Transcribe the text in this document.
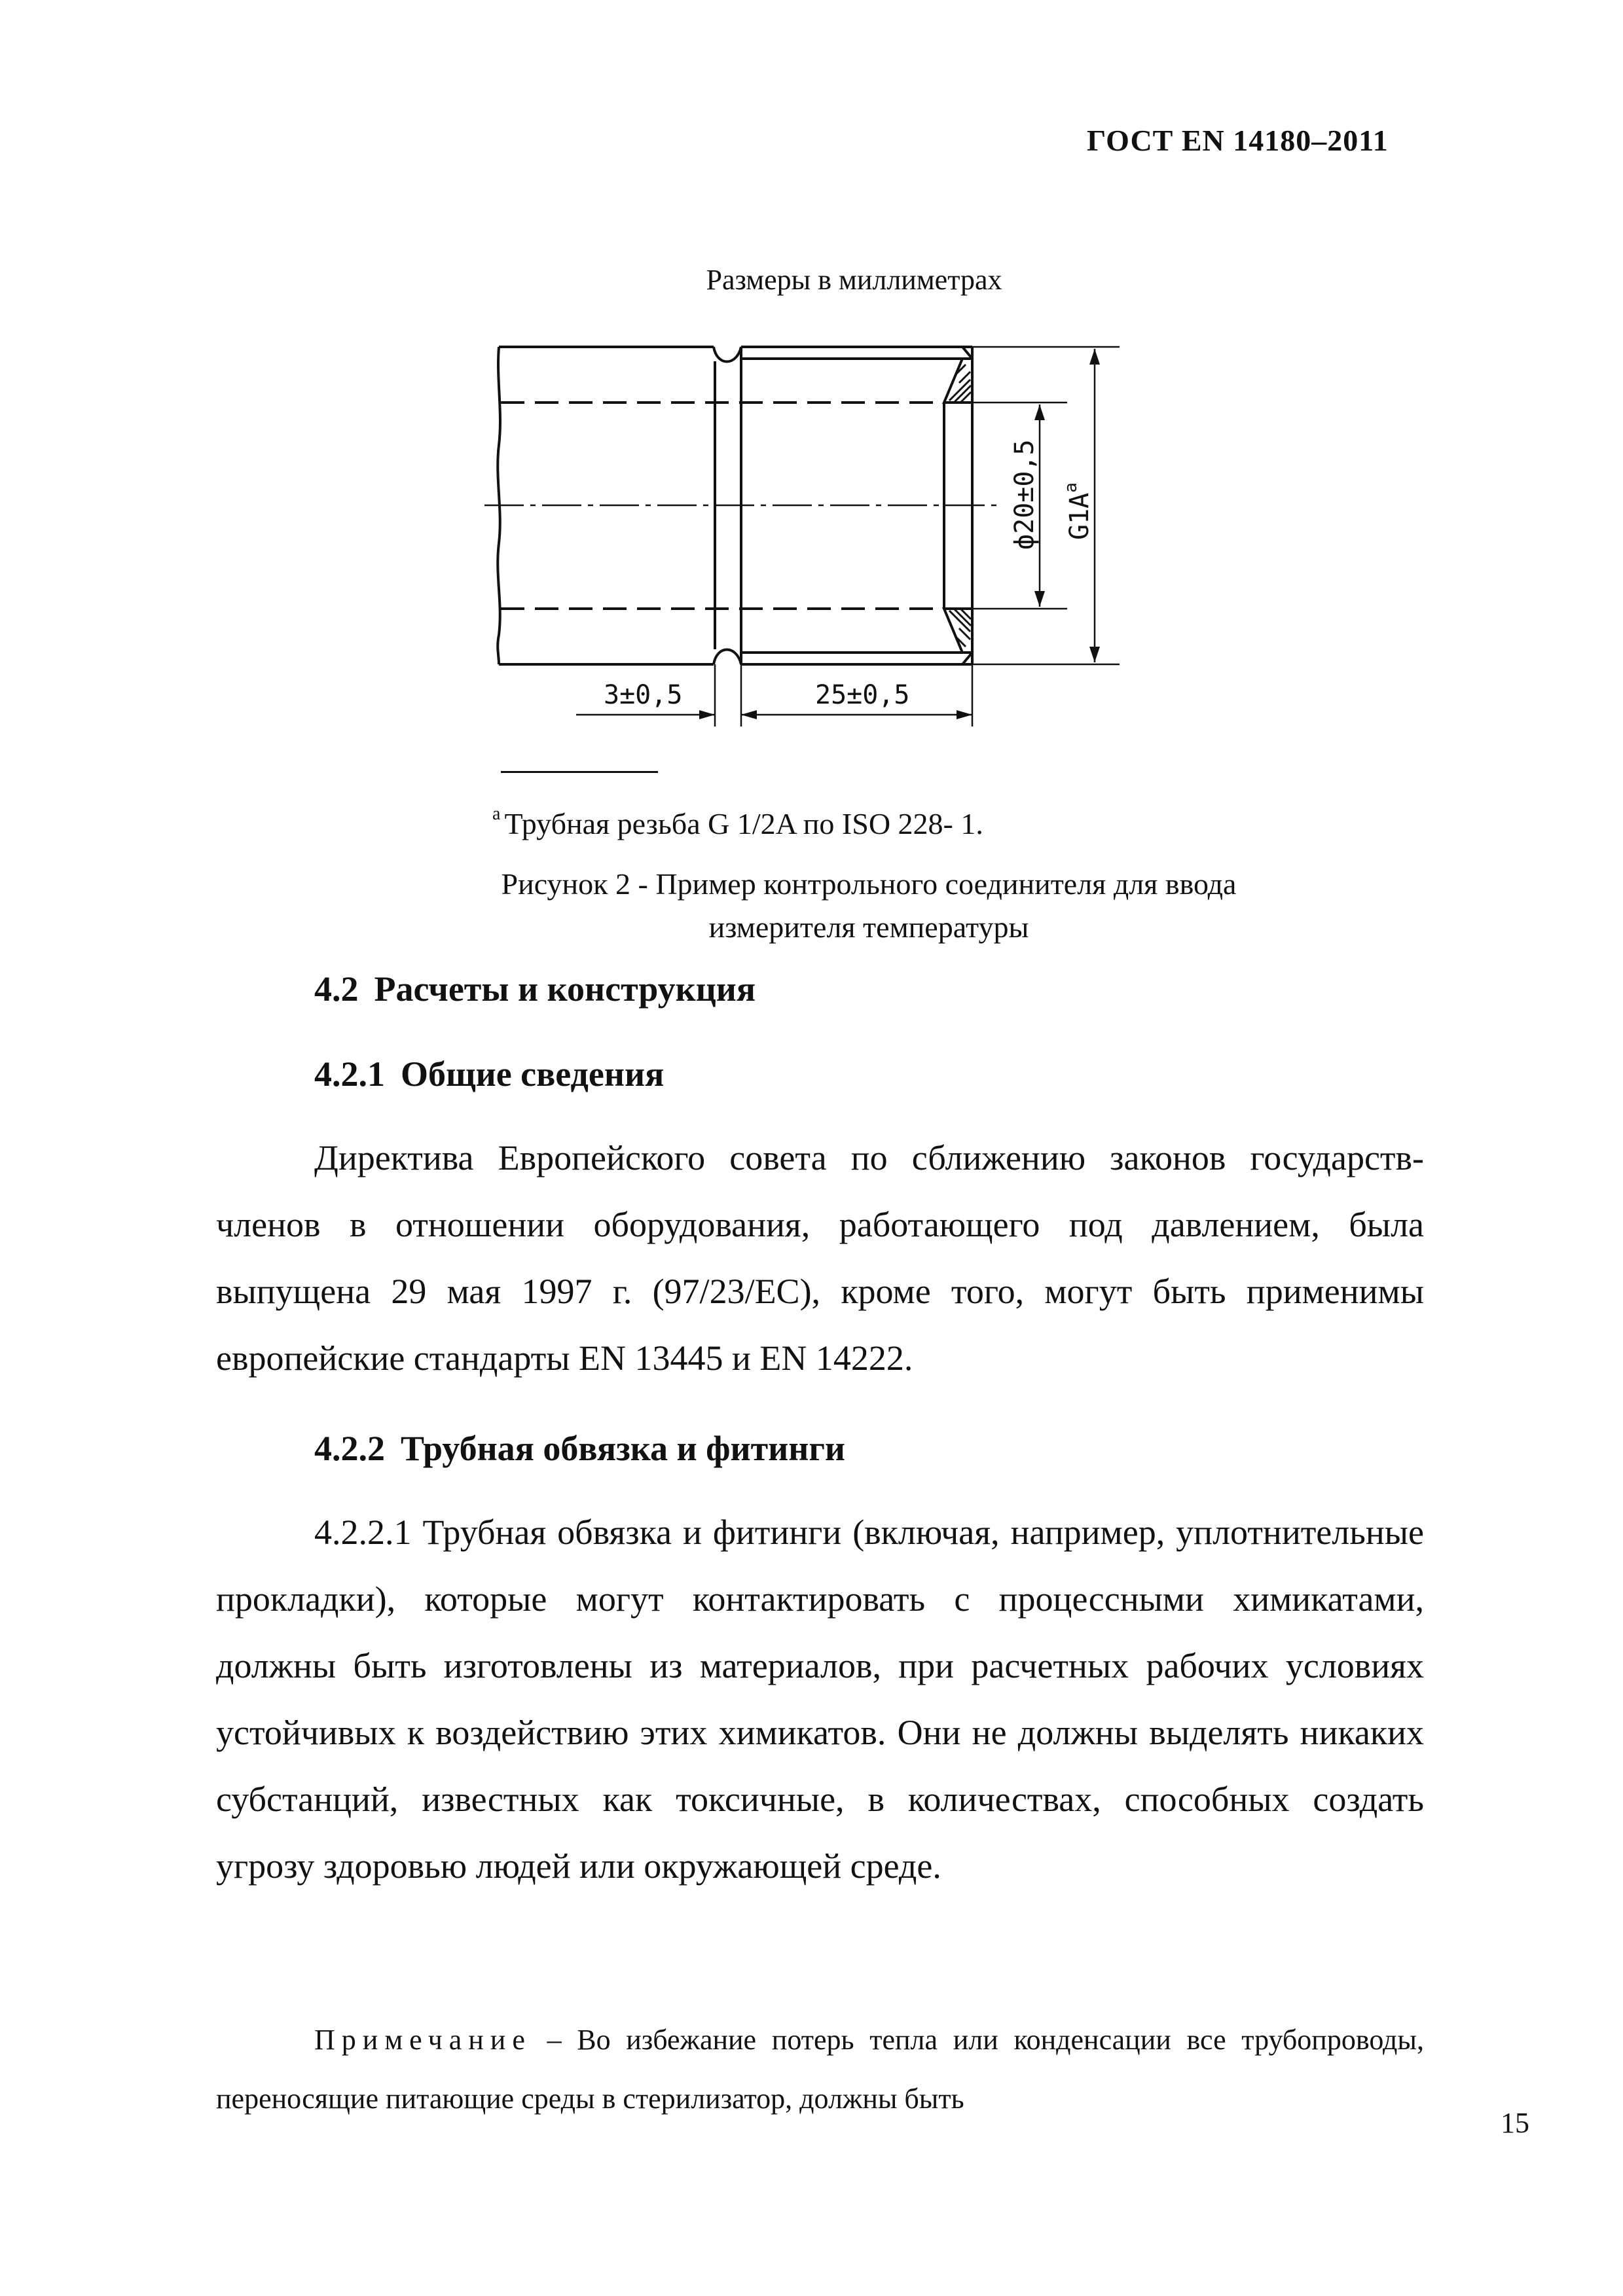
ГОСТ EN 14180–2011
Размеры в миллиметрах
ф20±0,5 $G1A^a$
3±0,5	25±0,5
$^a$ Трубная резьба G 1/2A по ISO 228- 1.
Рисунок 2 - Пример контрольного соединителя для ввода
измерителя температуры
4.2 Расчеты и конструкция
4.2.1 Общие сведения
Директива Европейского совета по сближению законов государств-членов в отношении оборудования, работающего под давлением, была выпущена 29 мая 1997 г. (97/23/ЕС), кроме того, могут быть применимы европейские стандарты EN 13445 и EN 14222.
4.2.2 Трубная обвязка и фитинги
4.2.2.1 Трубная обвязка и фитинги (включая, например, уплотнительные прокладки), которые могут контактировать с процессными химикатами, должны быть изготовлены из материалов, при расчетных рабочих условиях устойчивых к воздействию этих химикатов. Они не должны выделять никаких субстанций, известных как токсичные, в количествах, способных создать угрозу здоровью людей или окружающей среде.
Примечание – Во избежание потерь тепла или конденсации все трубопроводы, переносящие питающие среды в стерилизатор, должны быть
15
